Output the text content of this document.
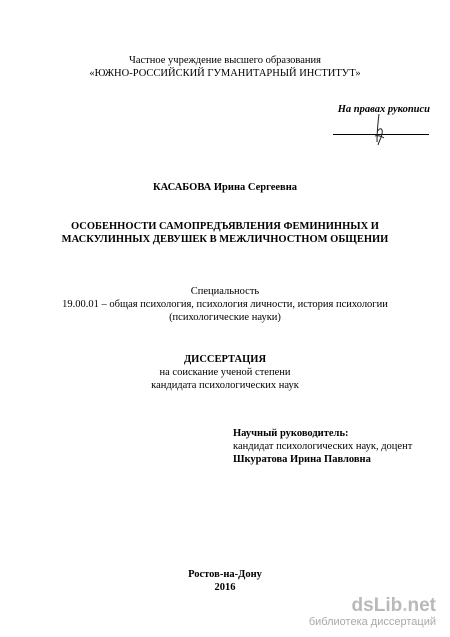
Частное учреждение высшего образования
«ЮЖНО-РОССИЙСКИЙ ГУМАНИТАРНЫЙ ИНСТИТУТ»
На правах рукописи
КАСАБОВА Ирина Сергеевна
ОСОБЕННОСТИ САМОПРЕДЪЯВЛЕНИЯ ФЕМИНИННЫХ И
МАСКУЛИННЫХ ДЕВУШЕК В МЕЖЛИЧНОСТНОМ ОБЩЕНИИ
Специальность
19.00.01 – общая психология, психология личности, история психологии
(психологические науки)
ДИССЕРТАЦИЯ
на соискание ученой степени
кандидата психологических наук
Научный руководитель:
кандидат психологических наук, доцент
Шкуратова Ирина Павловна
Ростов-на-Дону
2016
dsLib.net
библиотека диссертаций
